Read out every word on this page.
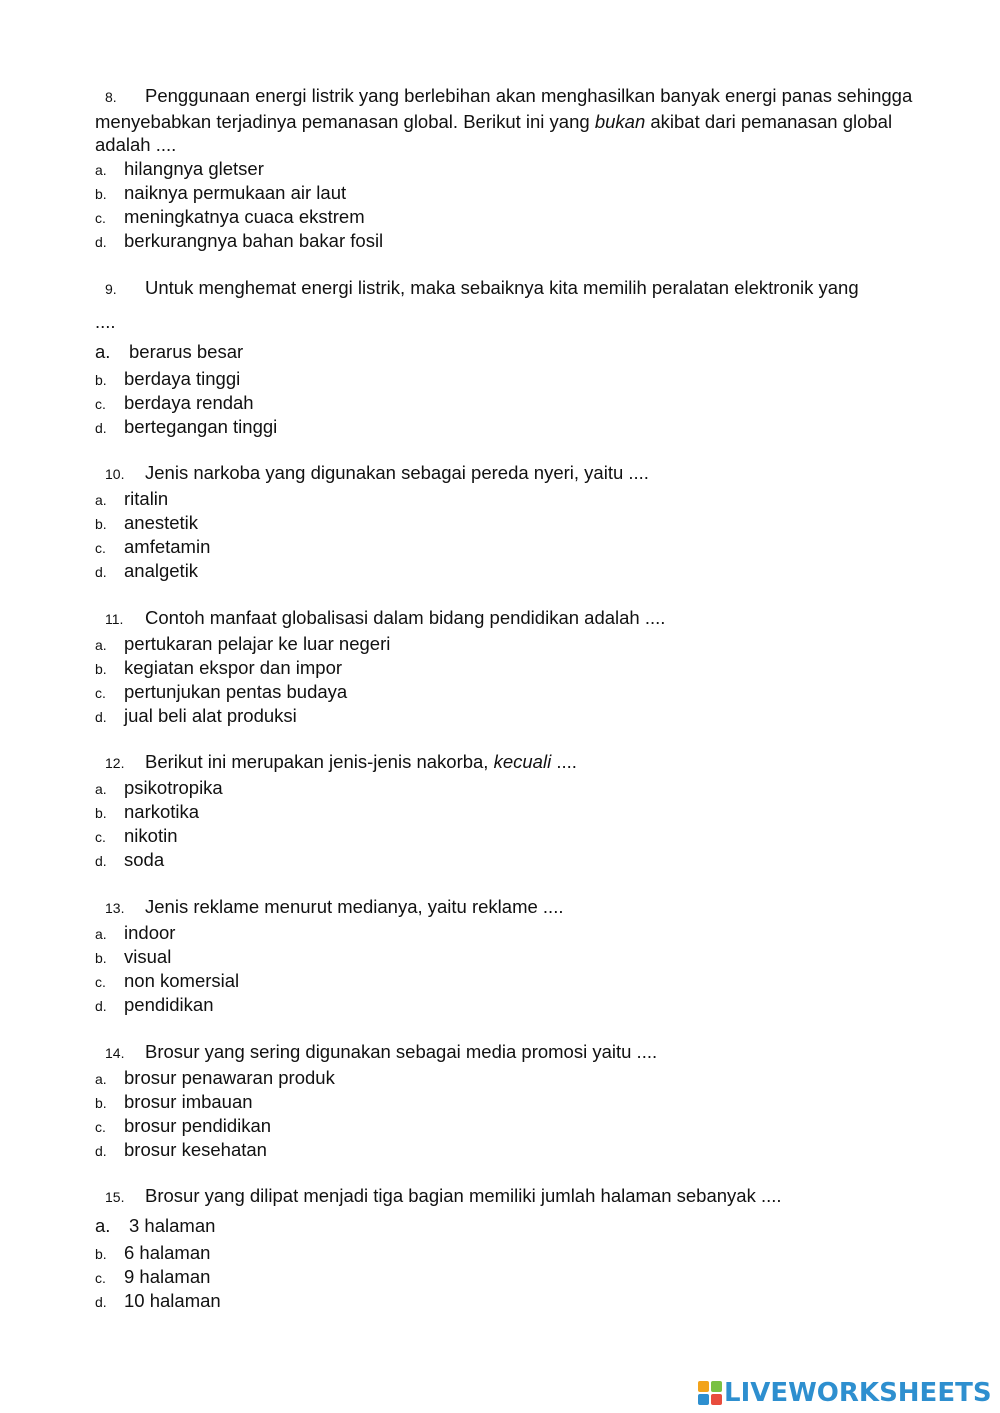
8. Penggunaan energi listrik yang berlebihan akan menghasilkan banyak energi panas sehingga menyebabkan terjadinya pemanasan global. Berikut ini yang bukan akibat dari pemanasan global adalah ....

a. hilangnya gletser
b. naiknya permukaan air laut
c. meningkatnya cuaca ekstrem
d. berkurangnya bahan bakar fosil

9. Untuk menghemat energi listrik, maka sebaiknya kita memilih peralatan elektronik yang
....

a.	berarus besar
b. berdaya tinggi
c. berdaya rendah
d. bertegangan tinggi

10. Jenis narkoba yang digunakan sebagai pereda nyeri, yaitu ....

a. ritalin
b. anestetik
c. amfetamin
d. analgetik

11. Contoh manfaat globalisasi dalam bidang pendidikan adalah ....

a. pertukaran pelajar ke luar negeri
b. kegiatan ekspor dan impor
c. pertunjukan pentas budaya
d. jual beli alat produksi

12. Berikut ini merupakan jenis-jenis nakorba, kecuali ....

a. psikotropika
b. narkotika
c. nikotin
d. soda

13. Jenis reklame menurut medianya, yaitu reklame ....

a. indoor
b. visual
c. non komersial
d. pendidikan

14. Brosur yang sering digunakan sebagai media promosi yaitu ....

a. brosur penawaran produk
b. brosur imbauan
c. brosur pendidikan
d. brosur kesehatan

15. Brosur yang dilipat menjadi tiga bagian memiliki jumlah halaman sebanyak ....

a.	3 halaman
b. 6 halaman
c. 9 halaman
d. 10 halaman
LIVEWORKSHEETS
